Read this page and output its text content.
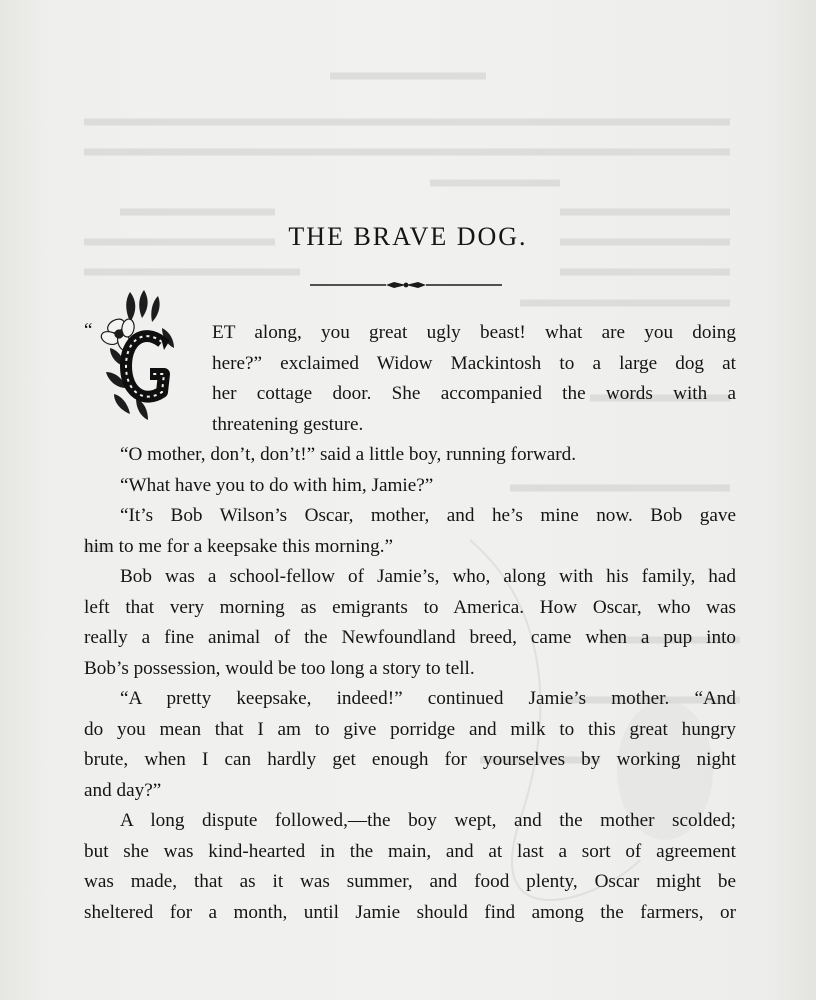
THE BRAVE DOG.
“	ET along, you great ugly beast! what are you doing
here?” exclaimed Widow Mackintosh to a large dog at
her cottage door. She accompanied the words with a
threatening gesture.
“O mother, don’t, don’t!” said a little boy, running forward.
“What have you to do with him, Jamie?”
“It’s Bob Wilson’s Oscar, mother, and he’s mine now. Bob gave
him to me for a keepsake this morning.”
Bob was a school-fellow of Jamie’s, who, along with his family, had
left that very morning as emigrants to America. How Oscar, who was
really a fine animal of the Newfoundland breed, came when a pup into
Bob’s possession, would be too long a story to tell.
“A pretty keepsake, indeed!” continued Jamie’s mother. “And
do you mean that I am to give porridge and milk to this great hungry
brute, when I can hardly get enough for yourselves by working night
and day?”
A long dispute followed,—the boy wept, and the mother scolded;
but she was kind-hearted in the main, and at last a sort of agreement
was made, that as it was summer, and food plenty, Oscar might be
sheltered for a month, until Jamie should find among the farmers, or
